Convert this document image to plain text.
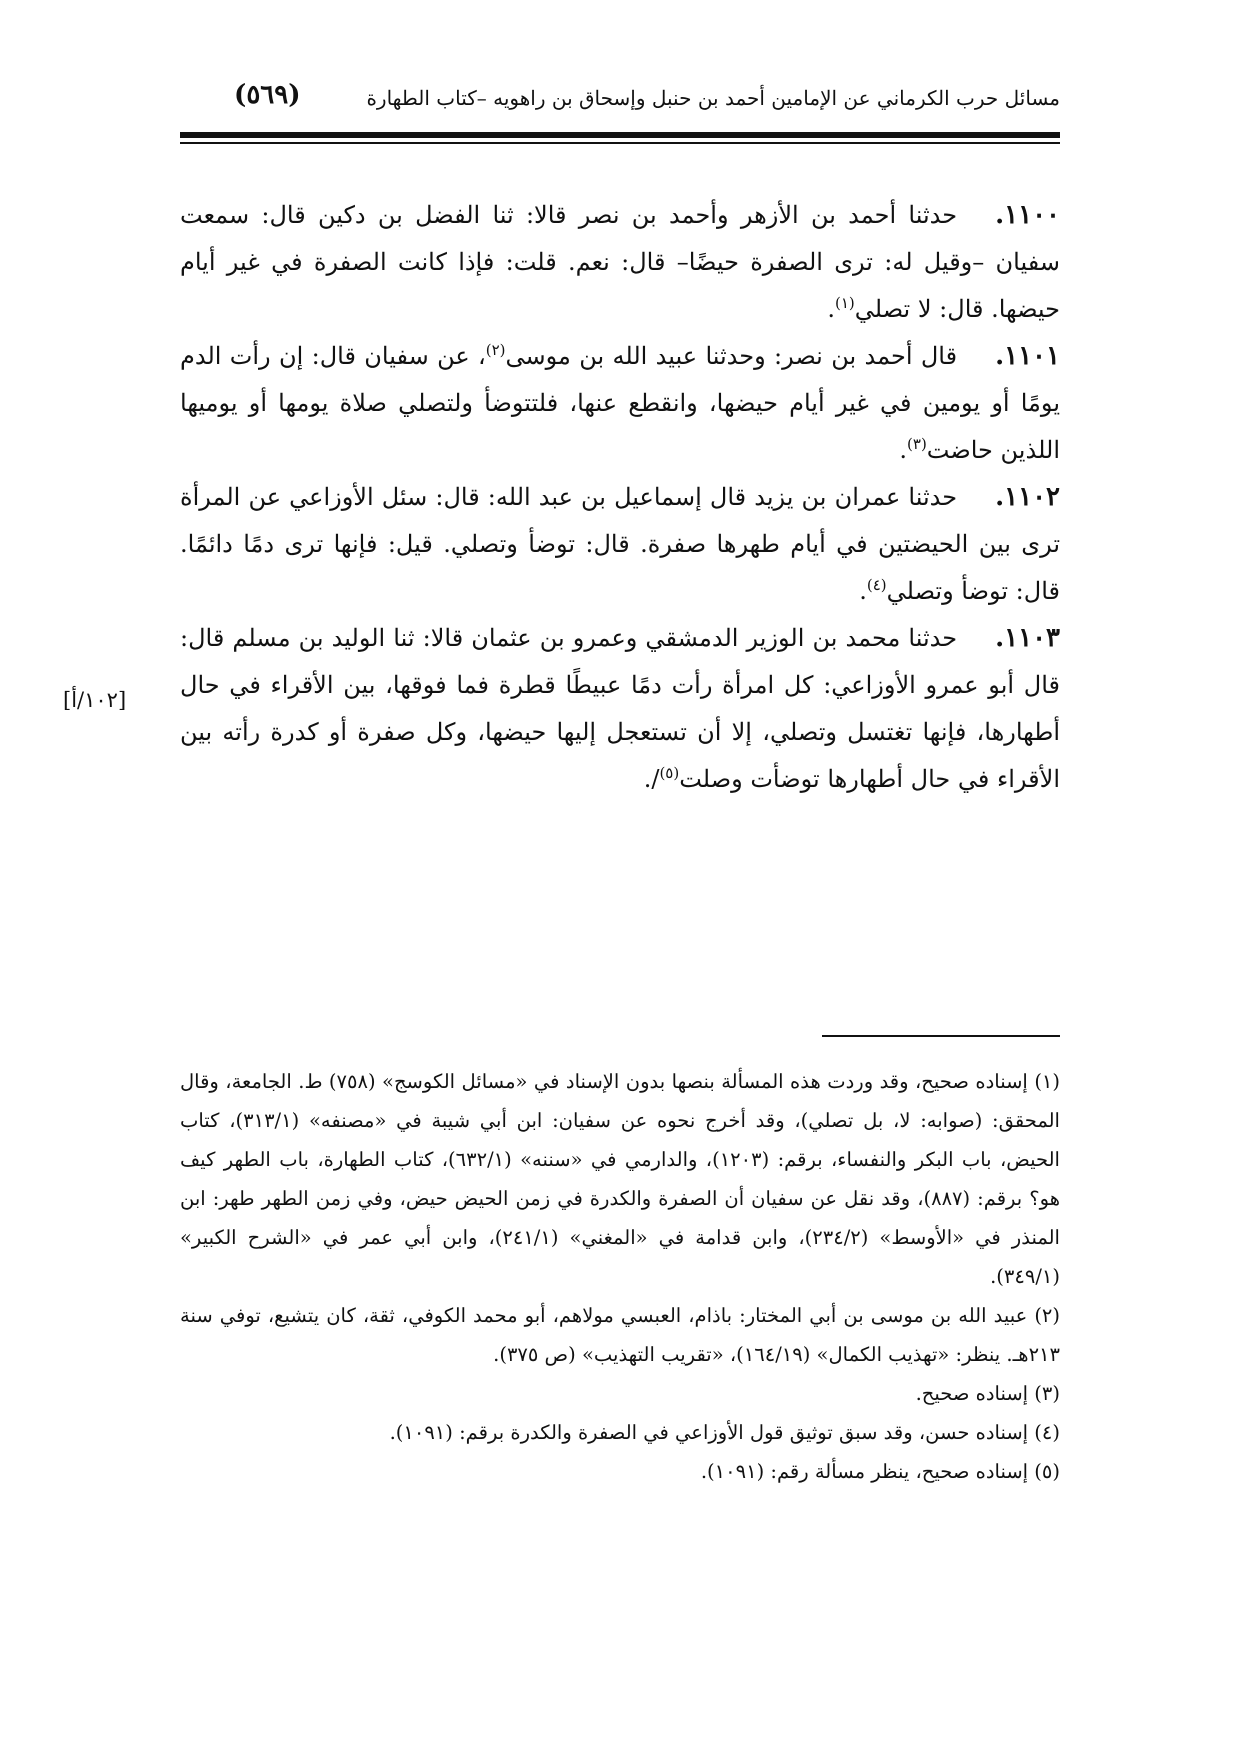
مسائل حرب الكرماني عن الإمامين أحمد بن حنبل وإسحاق بن راهويه –كتاب الطهارة
(٥٦٩)
[١٠٢/أ]

١١٠٠.حدثنا أحمد بن الأزهر وأحمد بن نصر قالا: ثنا الفضل بن دكين قال: سمعت سفيان –وقيل له: ترى الصفرة حيضًا– قال: نعم. قلت: فإذا كانت الصفرة في غير أيام حيضها. قال: لا تصلي$^{(١)}$.

١١٠١.قال أحمد بن نصر: وحدثنا عبيد الله بن موسى$^{(٢)}$، عن سفيان قال: إن رأت الدم يومًا أو يومين في غير أيام حيضها، وانقطع عنها، فلتتوضأ ولتصلي صلاة يومها أو يوميها اللذين حاضت$^{(٣)}$.

١١٠٢.حدثنا عمران بن يزيد قال إسماعيل بن عبد الله: قال: سئل الأوزاعي عن المرأة ترى بين الحيضتين في أيام طهرها صفرة. قال: توضأ وتصلي. قيل: فإنها ترى دمًا دائمًا. قال: توضأ وتصلي$^{(٤)}$.

١١٠٣.حدثنا محمد بن الوزير الدمشقي وعمرو بن عثمان قالا: ثنا الوليد بن مسلم قال: قال أبو عمرو الأوزاعي: كل امرأة رأت دمًا عبيطًا قطرة فما فوقها، بين الأقراء في حال أطهارها، فإنها تغتسل وتصلي، إلا أن تستعجل إليها حيضها، وكل صفرة أو كدرة رأته بين الأقراء في حال أطهارها توضأت وصلت$^{(٥)}$/.

(١) إسناده صحيح، وقد وردت هذه المسألة بنصها بدون الإسناد في «مسائل الكوسج» (٧٥٨) ط. الجامعة، وقال المحقق: (صوابه: لا، بل تصلي)، وقد أخرج نحوه عن سفيان: ابن أبي شيبة في «مصنفه» (٣١٣/١)، كتاب الحيض، باب البكر والنفساء، برقم: (١٢٠٣)، والدارمي في «سننه» (٦٣٢/١)، كتاب الطهارة، باب الطهر كيف هو؟ برقم: (٨٨٧)، وقد نقل عن سفيان أن الصفرة والكدرة في زمن الحيض حيض، وفي زمن الطهر طهر: ابن المنذر في «الأوسط» (٢٣٤/٢)، وابن قدامة في «المغني» (٢٤١/١)، وابن أبي عمر في «الشرح الكبير» (٣٤٩/١).

(٢) عبيد الله بن موسى بن أبي المختار: باذام، العبسي مولاهم، أبو محمد الكوفي، ثقة، كان يتشيع، توفي سنة ٢١٣هـ. ينظر: «تهذيب الكمال» (١٦٤/١٩)، «تقريب التهذيب» (ص ٣٧٥).

(٣) إسناده صحيح.

(٤) إسناده حسن، وقد سبق توثيق قول الأوزاعي في الصفرة والكدرة برقم: (١٠٩١).

(٥) إسناده صحيح، ينظر مسألة رقم: (١٠٩١).
